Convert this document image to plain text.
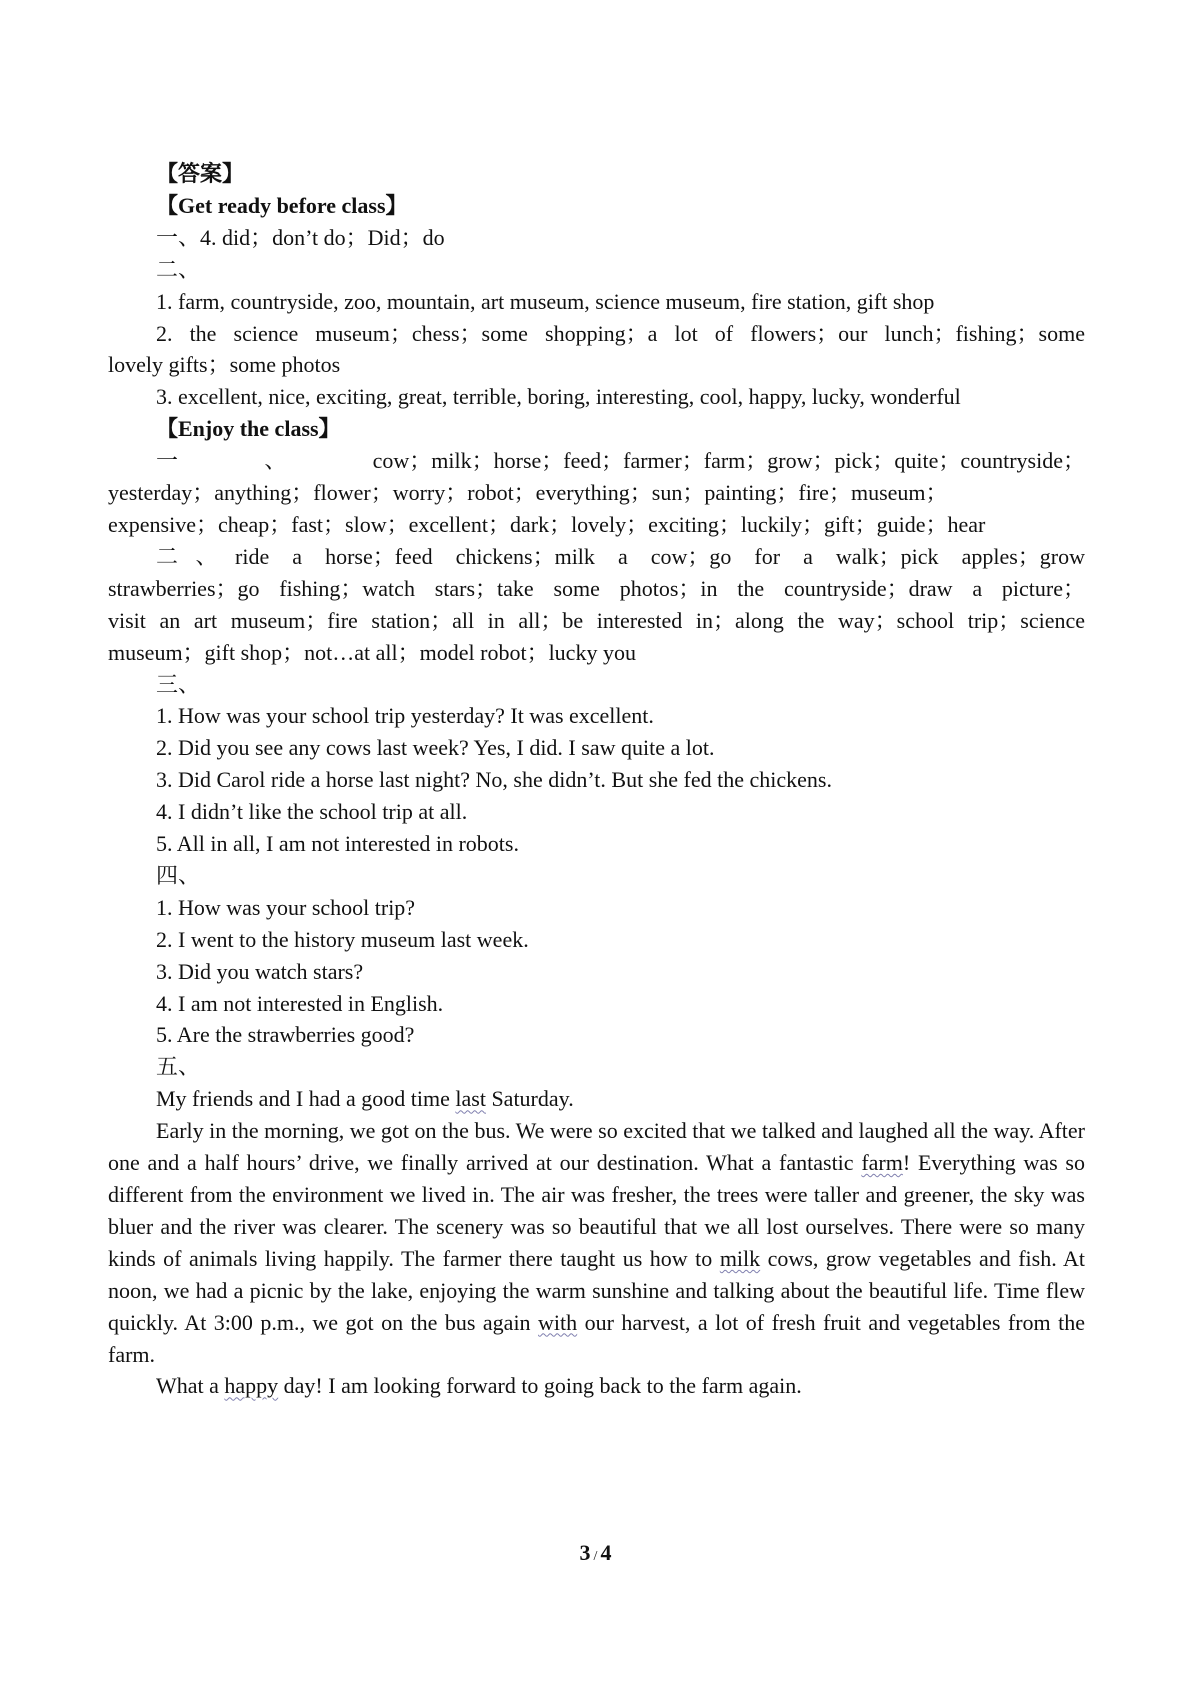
【答案】

【Get ready before class】

一、4. did；don’t do；Did；do

二、

1. farm, countryside, zoo, mountain, art museum, science museum, fire station, gift shop

2. the science museum；chess；some shopping；a lot of flowers；our lunch；fishing；some

lovely gifts；some photos

3. excellent, nice, exciting, great, terrible, boring, interesting, cool, happy, lucky, wonderful

【Enjoy the class】

一、cow；milk；horse；feed；farmer；farm；grow；pick；quite；countryside；

yesterday；anything；flower；worry；robot；everything；sun；painting；fire；museum；

expensive；cheap；fast；slow；excellent；dark；lovely；exciting；luckily；gift；guide；hear

二、ride a horse；feed chickens；milk a cow；go for a walk；pick apples；grow

strawberries；go fishing；watch stars；take some photos；in the countryside；draw a picture；

visit an art museum；fire station；all in all；be interested in；along the way；school trip；science

museum；gift shop；not…at all；model robot；lucky you

三、

1. How was your school trip yesterday? It was excellent.

2. Did you see any cows last week? Yes, I did. I saw quite a lot.

3. Did Carol ride a horse last night? No, she didn’t. But she fed the chickens.

4. I didn’t like the school trip at all.

5. All in all, I am not interested in robots.

四、

1. How was your school trip?

2. I went to the history museum last week.

3. Did you watch stars?

4. I am not interested in English.

5. Are the strawberries good?

五、

My friends and I had a good time last Saturday.

Early in the morning, we got on the bus. We were so excited that we talked and laughed all the way. After one and a half hours’ drive, we finally arrived at our destination. What a fantastic farm! Everything was so different from the environment we lived in. The air was fresher, the trees were taller and greener, the sky was bluer and the river was clearer. The scenery was so beautiful that we all lost ourselves. There were so many kinds of animals living happily. The farmer there taught us how to milk cows, grow vegetables and fish. At noon, we had a picnic by the lake, enjoying the warm sunshine and talking about the beautiful life. Time flew quickly. At 3:00 p.m., we got on the bus again with our harvest, a lot of fresh fruit and vegetables from the farm.

What a happy day! I am looking forward to going back to the farm again.

3 / 4
